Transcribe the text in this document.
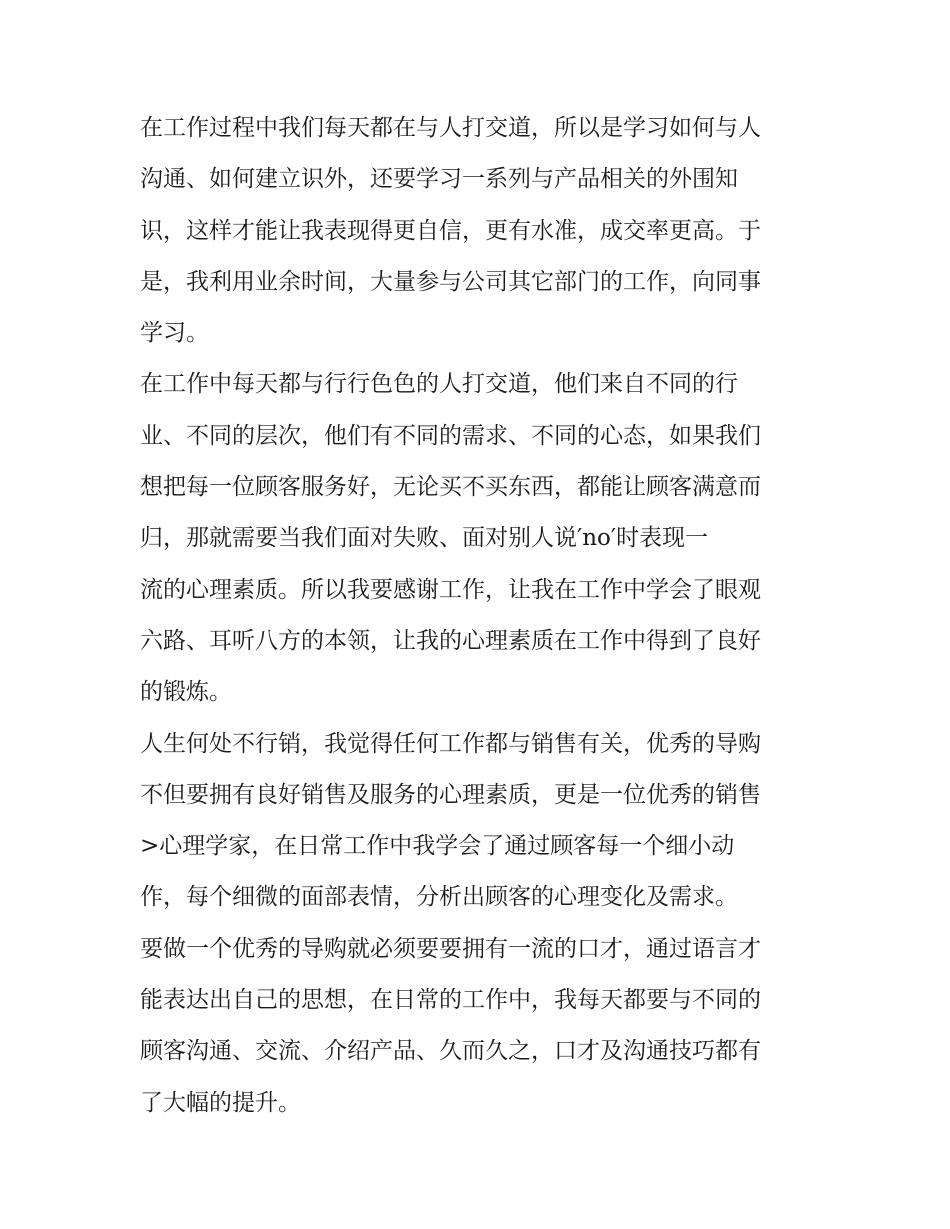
在工作过程中我们每天都在与人打交道，所以是学习如何与人
沟通、如何建立识外，还要学习一系列与产品相关的外围知
识，这样才能让我表现得更自信，更有水准，成交率更高。于
是，我利用业余时间，大量参与公司其它部门的工作，向同事
学习。
在工作中每天都与行行色色的人打交道，他们来自不同的行
业、不同的层次，他们有不同的需求、不同的心态，如果我们
想把每一位顾客服务好，无论买不买东西，都能让顾客满意而
归，那就需要当我们面对失败、面对别人说′no′时表现一
流的心理素质。所以我要感谢工作，让我在工作中学会了眼观
六路、耳听八方的本领，让我的心理素质在工作中得到了良好
的锻炼。
人生何处不行销，我觉得任何工作都与销售有关，优秀的导购
不但要拥有良好销售及服务的心理素质，更是一位优秀的销售
>心理学家，在日常工作中我学会了通过顾客每一个细小动
作，每个细微的面部表情，分析出顾客的心理变化及需求。
要做一个优秀的导购就必须要要拥有一流的口才，通过语言才
能表达出自己的思想，在日常的工作中，我每天都要与不同的
顾客沟通、交流、介绍产品、久而久之，口才及沟通技巧都有
了大幅的提升。
